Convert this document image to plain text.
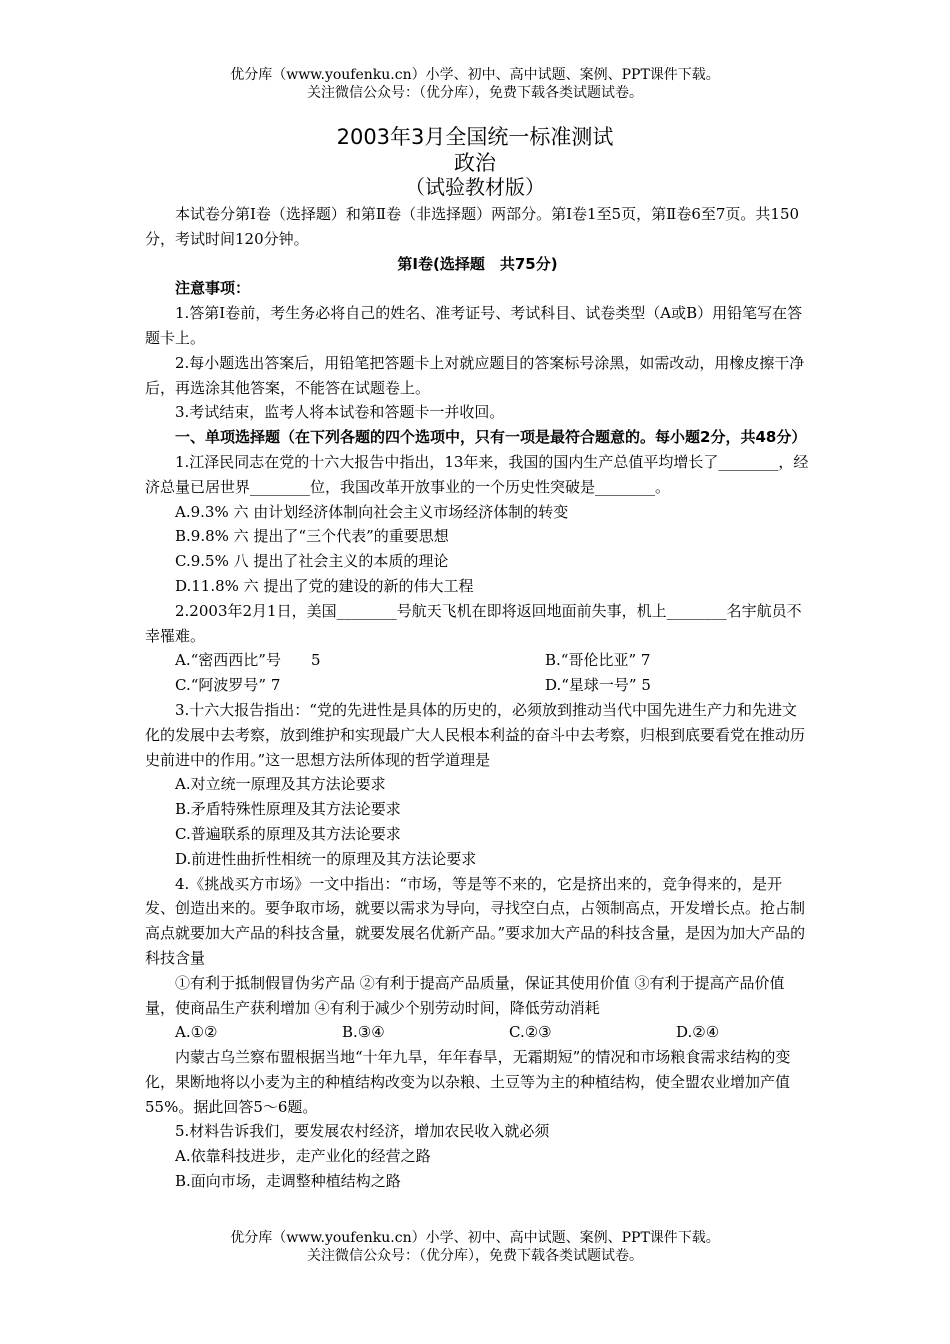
优分库（www.youfenku.cn）小学、初中、高中试题、案例、PPT课件下载。
关注微信公众号：（优分库），免费下载各类试题试卷。
2003年3月全国统一标准测试
政治
（试验教材版）

本试卷分第Ⅰ卷（选择题）和第Ⅱ卷（非选择题）两部分。第Ⅰ卷1至5页，第Ⅱ卷6至7页。共150分，考试时间120分钟。

第Ⅰ卷(选择题　共75分)

注意事项：

1.答第Ⅰ卷前，考生务必将自己的姓名、准考证号、考试科目、试卷类型（A或B）用铅笔写在答题卡上。

2.每小题选出答案后，用铅笔把答题卡上对就应题目的答案标号涂黑，如需改动，用橡皮擦干净后，再选涂其他答案，不能答在试题卷上。

3.考试结束，监考人将本试卷和答题卡一并收回。

一、单项选择题（在下列各题的四个选项中，只有一项是最符合题意的。每小题2分，共48分）

1.江泽民同志在党的十六大报告中指出，13年来，我国的国内生产总值平均增长了________，经济总量已居世界________位，我国改革开放事业的一个历史性突破是________。

A.9.3% 六 由计划经济体制向社会主义市场经济体制的转变

B.9.8% 六 提出了“三个代表”的重要思想

C.9.5% 八 提出了社会主义的本质的理论

D.11.8% 六 提出了党的建设的新的伟大工程

2.2003年2月1日，美国________号航天飞机在即将返回地面前失事，机上________名宇航员不幸罹难。

A.“密西西比”号　　5	B.“哥伦比亚” 7
C.“阿波罗号” 7	D.“星球一号” 5

3.十六大报告指出：“党的先进性是具体的历史的，必须放到推动当代中国先进生产力和先进文化的发展中去考察，放到维护和实现最广大人民根本利益的奋斗中去考察，归根到底要看党在推动历史前进中的作用。”这一思想方法所体现的哲学道理是

A.对立统一原理及其方法论要求

B.矛盾特殊性原理及其方法论要求

C.普遍联系的原理及其方法论要求

D.前进性曲折性相统一的原理及其方法论要求

4.《挑战买方市场》一文中指出：“市场，等是等不来的，它是挤出来的，竞争得来的，是开发、创造出来的。要争取市场，就要以需求为导向，寻找空白点，占领制高点，开发增长点。抢占制高点就要加大产品的科技含量，就要发展名优新产品。”要求加大产品的科技含量，是因为加大产品的科技含量

①有利于抵制假冒伪劣产品 ②有利于提高产品质量，保证其使用价值 ③有利于提高产品价值量，使商品生产获利增加 ④有利于减少个别劳动时间，降低劳动消耗

A.①②	B.③④	C.②③	D.②④

内蒙古乌兰察布盟根据当地“十年九旱，年年春旱，无霜期短”的情况和市场粮食需求结构的变化，果断地将以小麦为主的种植结构改变为以杂粮、土豆等为主的种植结构，使全盟农业增加产值55%。据此回答5～6题。

5.材料告诉我们，要发展农村经济，增加农民收入就必须

A.依靠科技进步，走产业化的经营之路

B.面向市场，走调整种植结构之路

优分库（www.youfenku.cn）小学、初中、高中试题、案例、PPT课件下载。
关注微信公众号：（优分库），免费下载各类试题试卷。
